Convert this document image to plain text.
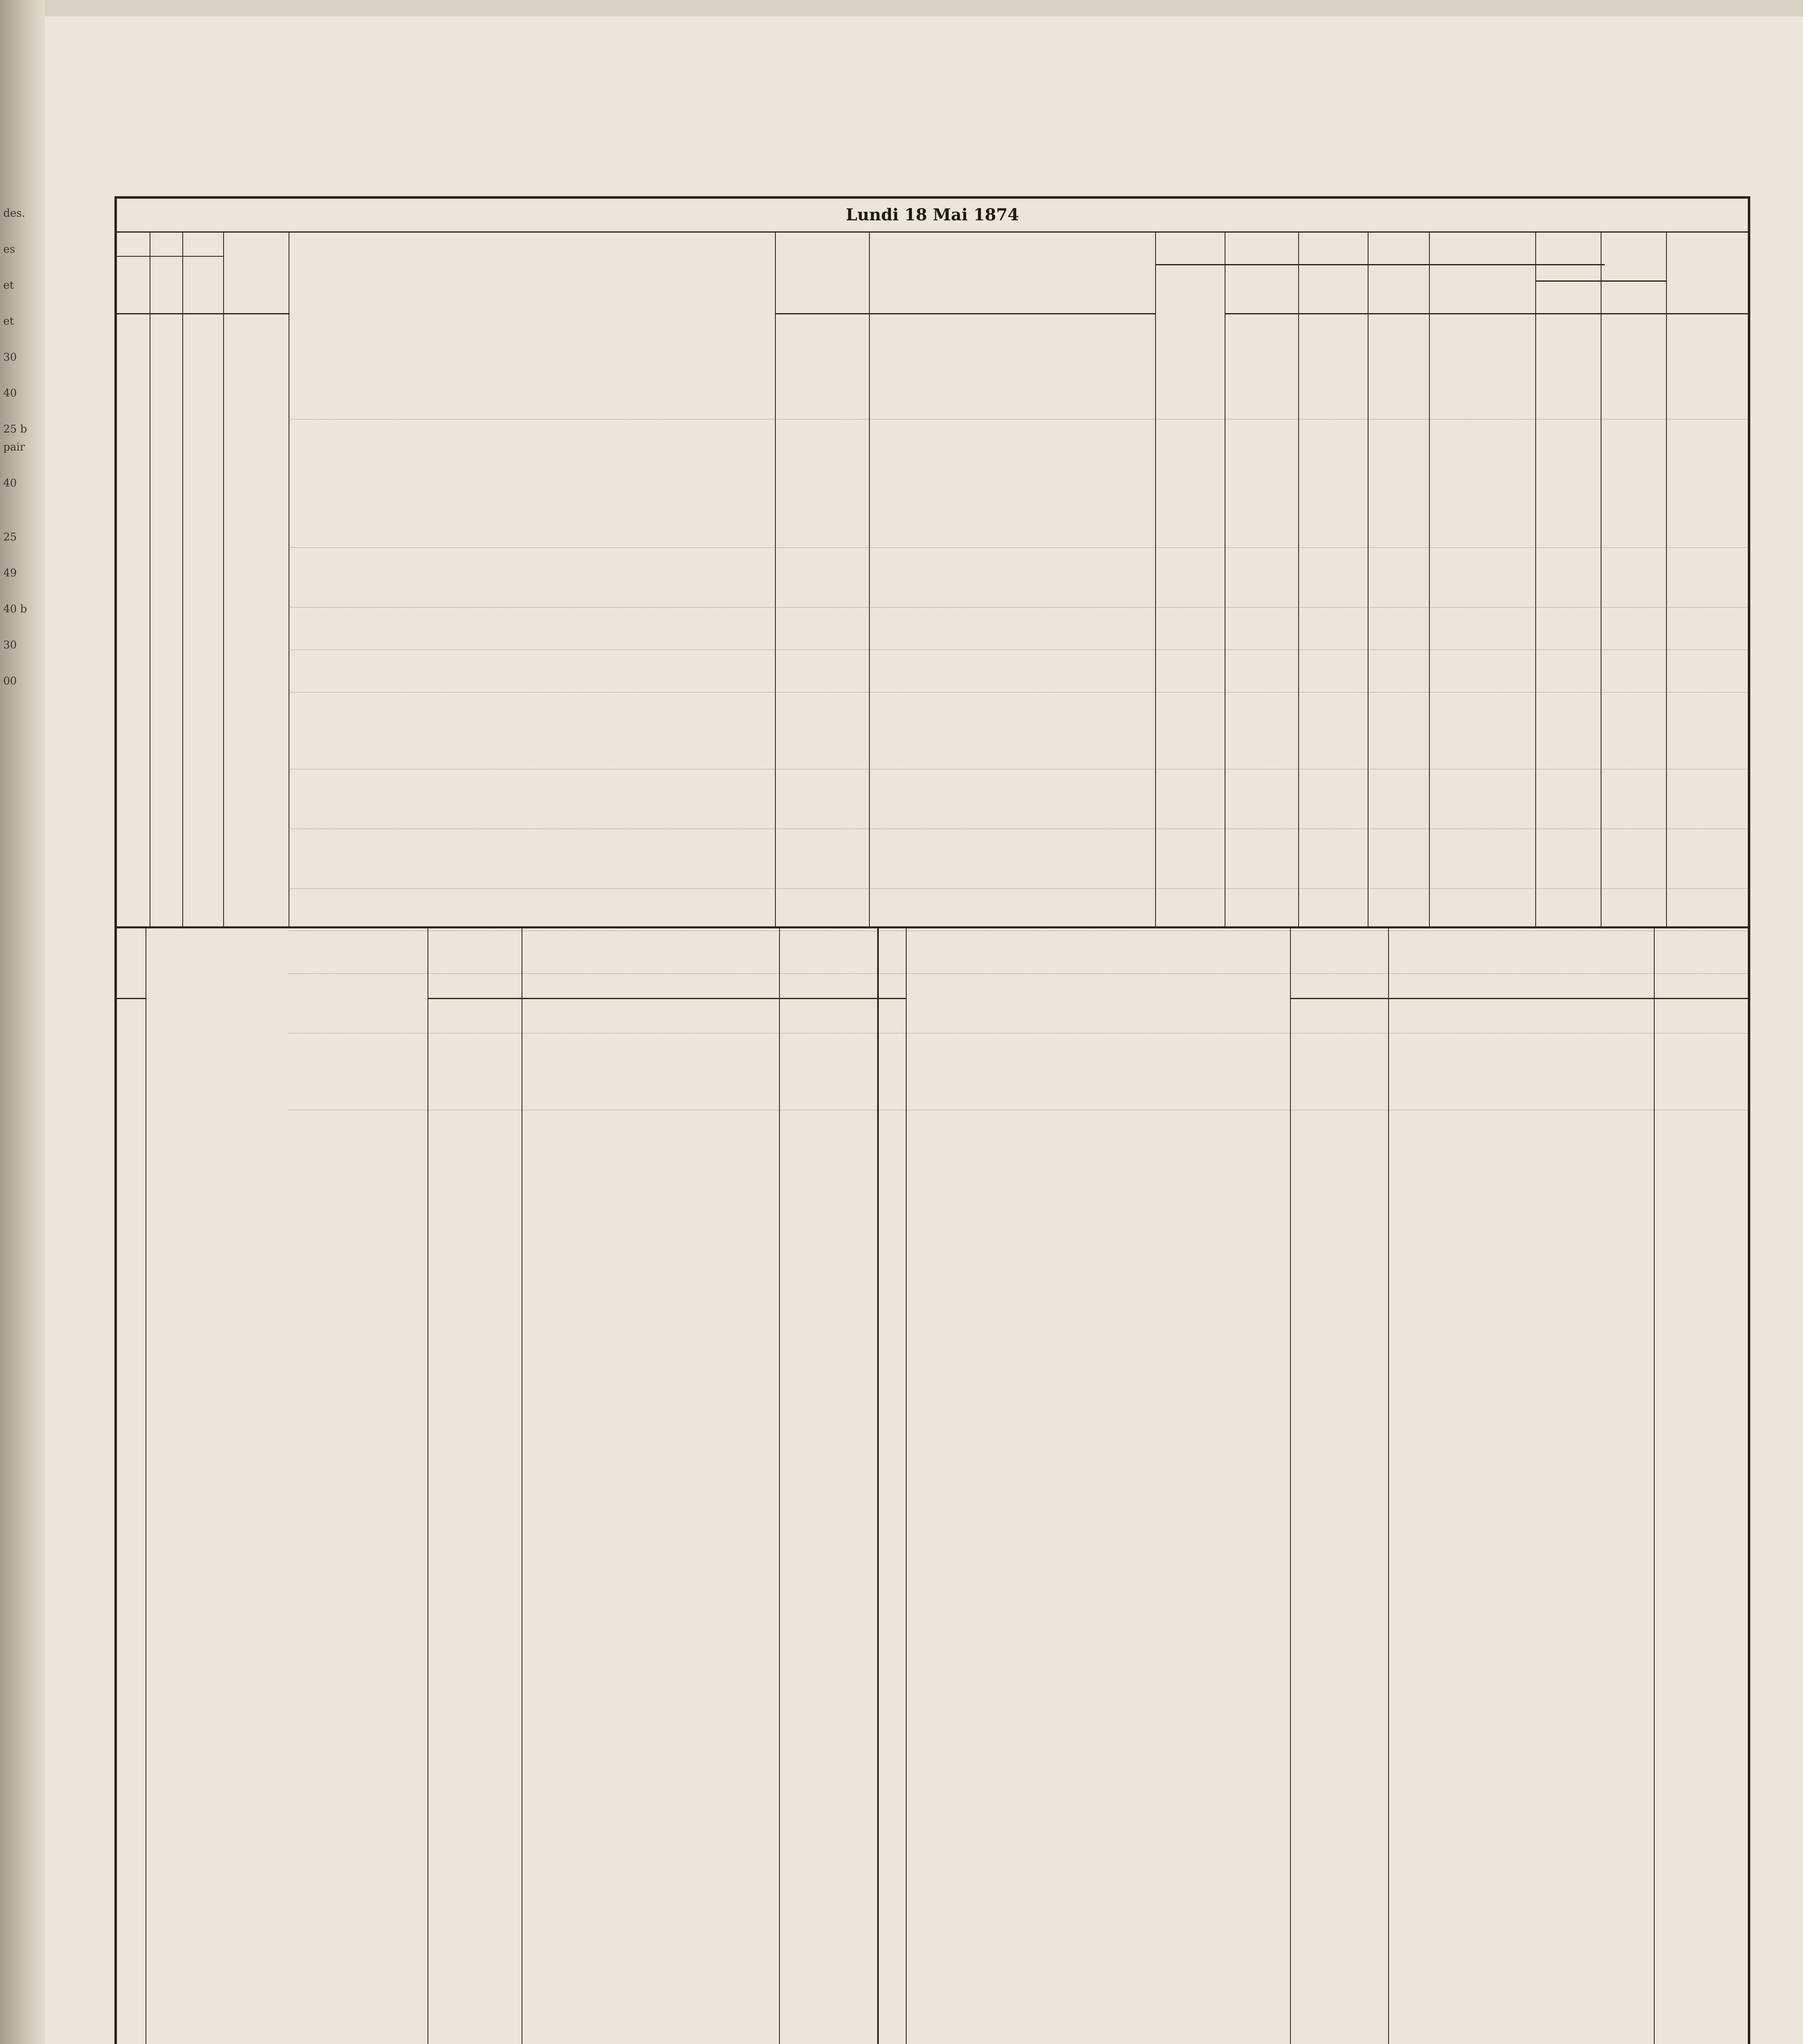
des.
es
et
et
30
40
25 b
pair
40
25
49
40 b
30
00
Lundi 18 Mai 1874
